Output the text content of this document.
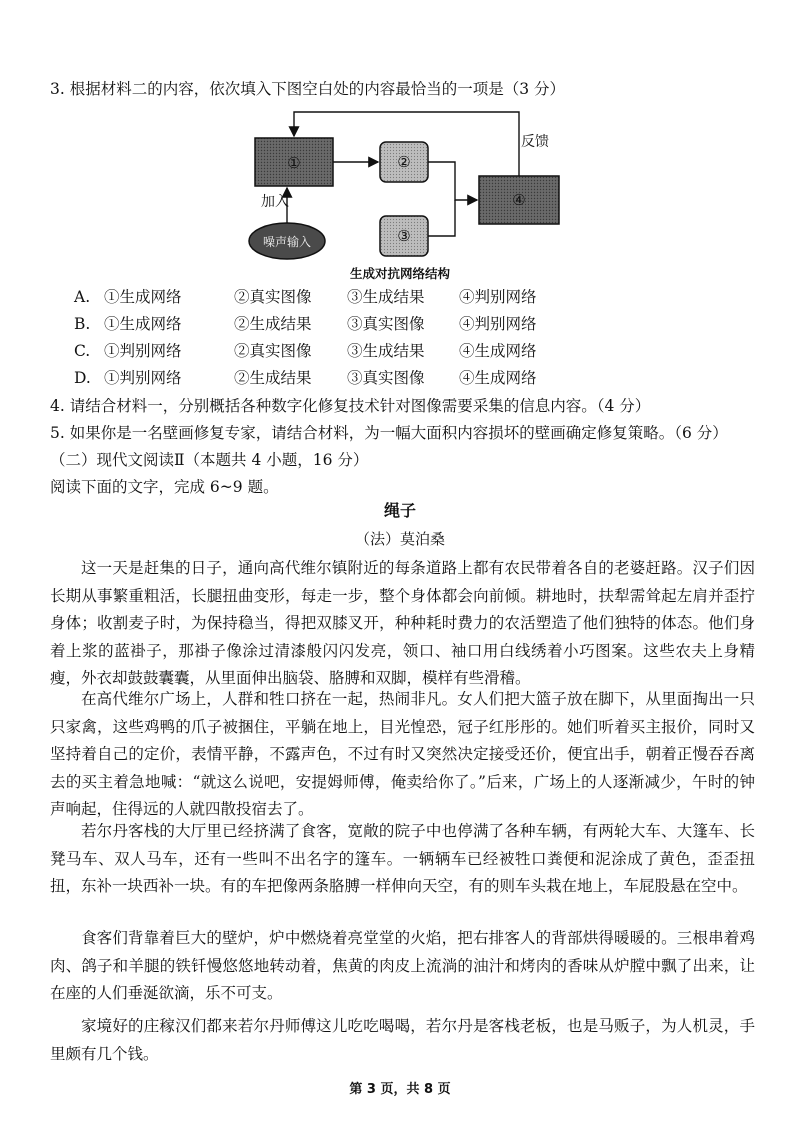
3. 根据材料二的内容，依次填入下图空白处的内容最恰当的一项是（3 分）
①	②
③
④
噪声输入
反馈
加入
生成对抗网络结构
A. ①生成网络	②真实图像 ③生成结果 ④判别网络
B. ①生成网络	②生成结果 ③真实图像 ④判别网络
C. ①判别网络	②真实图像 ③生成结果 ④生成网络
D. ①判别网络	②生成结果 ③真实图像 ④生成网络
4. 请结合材料一，分别概括各种数字化修复技术针对图像需要采集的信息内容。（4 分）
5. 如果你是一名壁画修复专家，请结合材料，为一幅大面积内容损坏的壁画确定修复策略。（6 分）
（二）现代文阅读Ⅱ（本题共 4 小题，16 分）
阅读下面的文字，完成 6~9 题。
绳子
（法）莫泊桑

这一天是赶集的日子，通向高代维尔镇附近的每条道路上都有农民带着各自的老婆赶路。汉子们因长期从事繁重粗活，长腿扭曲变形，每走一步，整个身体都会向前倾。耕地时，扶犁需耸起左肩并歪拧身体；收割麦子时，为保持稳当，得把双膝叉开，种种耗时费力的农活塑造了他们独特的体态。他们身着上浆的蓝褂子，那褂子像涂过清漆般闪闪发亮，领口、袖口用白线绣着小巧图案。这些农夫上身精瘦，外衣却鼓鼓囊囊，从里面伸出脑袋、胳膊和双脚，模样有些滑稽。

在高代维尔广场上，人群和牲口挤在一起，热闹非凡。女人们把大篮子放在脚下，从里面掏出一只只家禽，这些鸡鸭的爪子被捆住，平躺在地上，目光惶恐，冠子红彤彤的。她们听着买主报价，同时又坚持着自己的定价，表情平静，不露声色，不过有时又突然决定接受还价，便宜出手，朝着正慢吞吞离去的买主着急地喊：“就这么说吧，安提姆师傅，俺卖给你了。”后来，广场上的人逐渐减少，午时的钟声响起，住得远的人就四散投宿去了。

若尔丹客栈的大厅里已经挤满了食客，宽敞的院子中也停满了各种车辆，有两轮大车、大篷车、长凳马车、双人马车，还有一些叫不出名字的篷车。一辆辆车已经被牲口粪便和泥涂成了黄色，歪歪扭扭，东补一块西补一块。有的车把像两条胳膊一样伸向天空，有的则车头栽在地上，车屁股悬在空中。

食客们背靠着巨大的壁炉，炉中燃烧着亮堂堂的火焰，把右排客人的背部烘得暖暖的。三根串着鸡肉、鸽子和羊腿的铁钎慢悠悠地转动着，焦黄的肉皮上流淌的油汁和烤肉的香味从炉膛中飘了出来，让在座的人们垂涎欲滴，乐不可支。

家境好的庄稼汉们都来若尔丹师傅这儿吃吃喝喝，若尔丹是客栈老板，也是马贩子，为人机灵，手里颇有几个钱。

第 3 页，共 8 页
